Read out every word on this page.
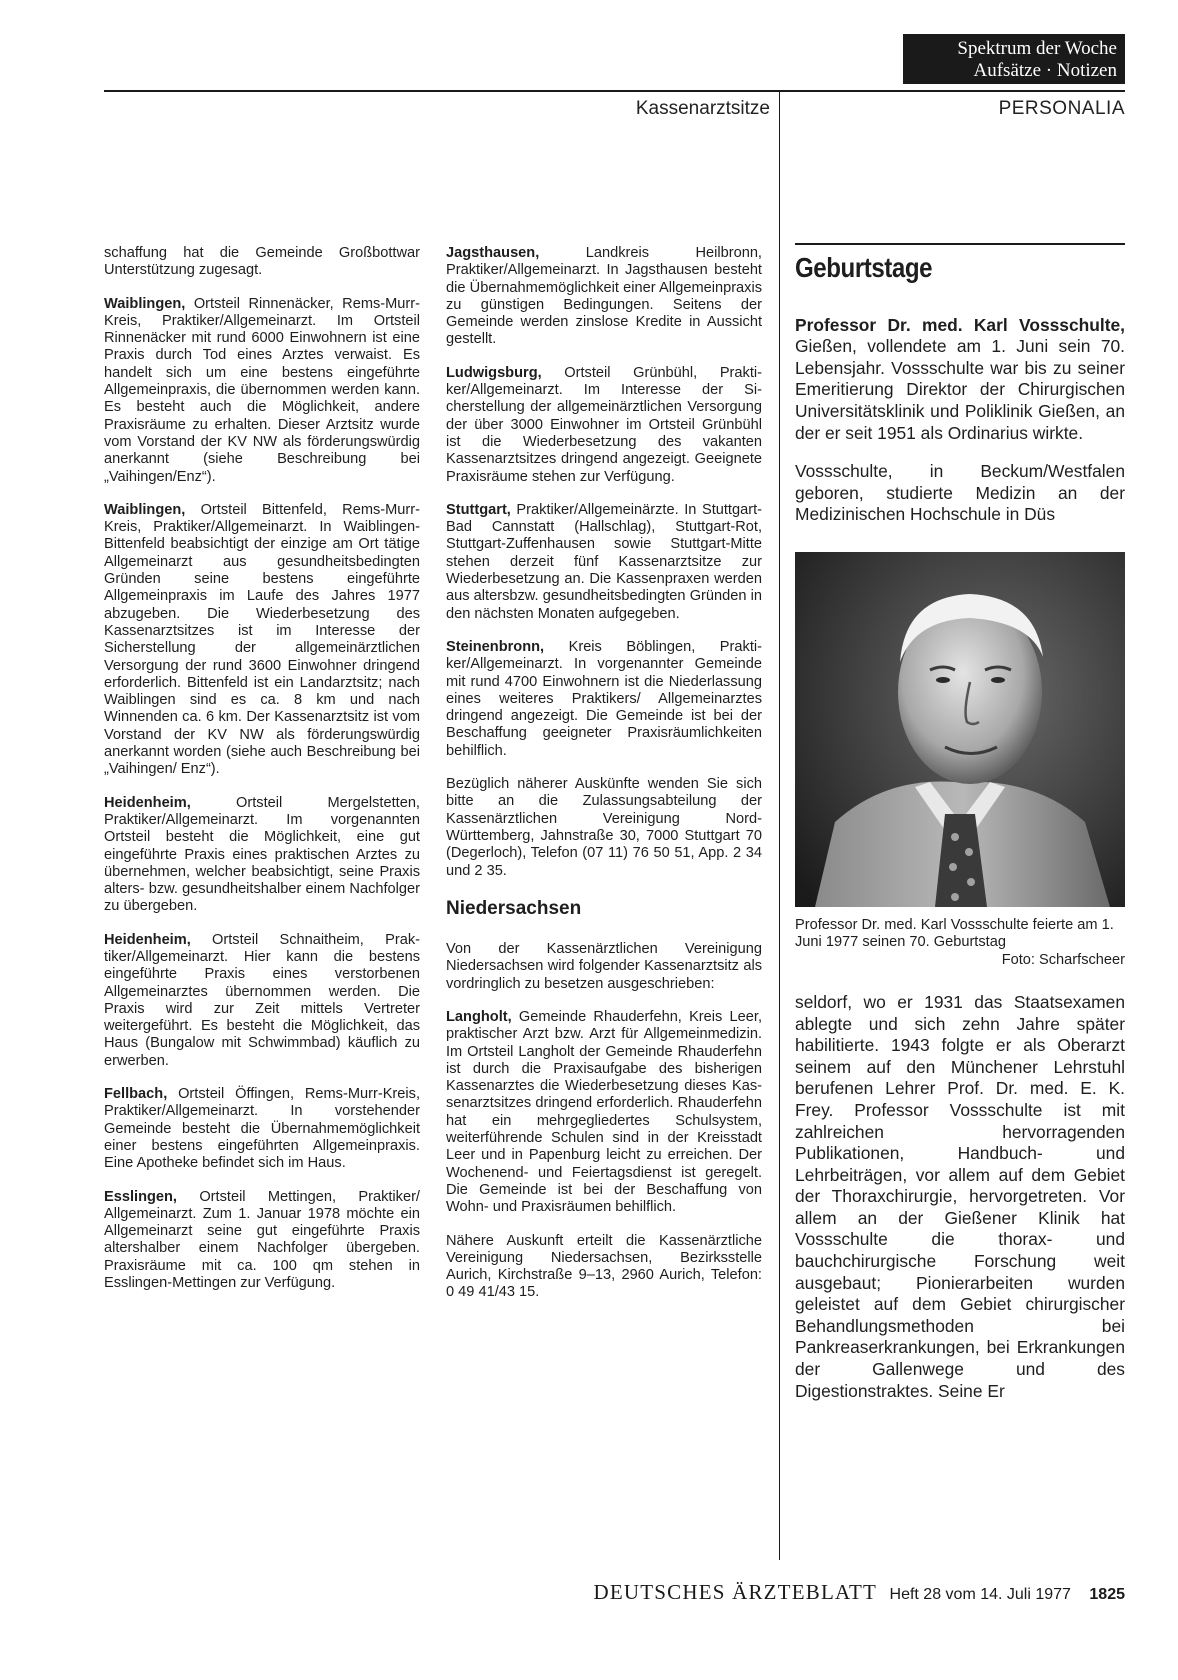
Spektrum der Woche
Aufsätze · Notizen
Kassenarztsitze	PERSONALIA

schaffung hat die Gemeinde Großbottwar Unterstützung zugesagt.

Waiblingen, Ortsteil Rinnenäcker, Rems-Murr-Kreis, Praktiker/Allgemeinarzt. Im Ortsteil Rinnenäcker mit rund 6000 Einwohnern ist eine Praxis durch Tod eines Arztes verwaist. Es handelt sich um eine bestens eingeführte Allgemeinpraxis, die übernommen werden kann. Es besteht auch die Möglichkeit, andere Praxisräume zu erhalten. Dieser Arztsitz wurde vom Vorstand der KV NW als förderungswürdig anerkannt (siehe Beschreibung bei „Vaihingen/Enz“).

Waiblingen, Ortsteil Bittenfeld, Rems-Murr-Kreis, Praktiker/Allgemeinarzt. In Waiblingen-Bittenfeld beabsichtigt der einzige am Ort tätige Allgemeinarzt aus gesundheitsbedingten Gründen seine bestens eingeführte Allgemeinpraxis im Laufe des Jahres 1977 abzugeben. Die Wiederbesetzung des Kassenarztsitzes ist im Interesse der Sicherstellung der allgemeinärztlichen Versorgung der rund 3600 Einwohner dringend erforderlich. Bittenfeld ist ein Landarztsitz; nach Waiblingen sind es ca. 8 km und nach Winnenden ca. 6 km. Der Kassenarztsitz ist vom Vorstand der KV NW als förderungswürdig anerkannt worden (siehe auch Beschreibung bei „Vaihingen/ Enz“).

Heidenheim, Ortsteil Mergelstetten, Praktiker/Allgemeinarzt. Im vorgenannten Ortsteil besteht die Möglichkeit, eine gut eingeführte Praxis eines praktischen Arztes zu übernehmen, welcher beabsichtigt, seine Praxis alters- bzw. gesundheitshalber einem Nachfolger zu übergeben.

Heidenheim, Ortsteil Schnaitheim, Praktiker/Allgemeinarzt. Hier kann die bestens eingeführte Praxis eines verstorbenen Allgemeinarztes übernommen werden. Die Praxis wird zur Zeit mittels Vertreter weitergeführt. Es besteht die Möglichkeit, das Haus (Bungalow mit Schwimmbad) käuflich zu erwerben.

Fellbach, Ortsteil Öffingen, Rems-Murr-Kreis, Praktiker/Allgemeinarzt. In vorstehender Gemeinde besteht die Übernahmemöglichkeit einer bestens eingeführten Allgemeinpraxis. Eine Apotheke befindet sich im Haus.

Esslingen, Ortsteil Mettingen, Praktiker/ Allgemeinarzt. Zum 1. Januar 1978 möchte ein Allgemeinarzt seine gut eingeführte Praxis altershalber einem Nachfolger übergeben. Praxisräume mit ca. 100 qm stehen in Esslingen-Mettingen zur Verfügung.

Jagsthausen, Landkreis Heilbronn, Praktiker/Allgemeinarzt. In Jagsthausen besteht die Übernahmemöglichkeit einer Allgemeinpraxis zu günstigen Bedingungen. Seitens der Gemeinde werden zinslose Kredite in Aussicht gestellt.

Ludwigsburg, Ortsteil Grünbühl, Praktiker/Allgemeinarzt. Im Interesse der Sicherstellung der allgemeinärztlichen Versorgung der über 3000 Einwohner im Ortsteil Grünbühl ist die Wiederbesetzung des vakanten Kassenarztsitzes dringend angezeigt. Geeignete Praxisräume stehen zur Verfügung.

Stuttgart, Praktiker/Allgemeinärzte. In Stuttgart-Bad Cannstatt (Hallschlag), Stuttgart-Rot, Stuttgart-Zuffenhausen sowie Stuttgart-Mitte stehen derzeit fünf Kassenarztsitze zur Wiederbesetzung an. Die Kassenpraxen werden aus altersbzw. gesundheitsbedingten Gründen in den nächsten Monaten aufgegeben.

Steinenbronn, Kreis Böblingen, Praktiker/Allgemeinarzt. In vorgenannter Gemeinde mit rund 4700 Einwohnern ist die Niederlassung eines weiteres Praktikers/ Allgemeinarztes dringend angezeigt. Die Gemeinde ist bei der Beschaffung geeigneter Praxisräumlichkeiten behilflich.

Bezüglich näherer Auskünfte wenden Sie sich bitte an die Zulassungsabteilung der Kassenärztlichen Vereinigung Nord-Württemberg, Jahnstraße 30, 7000 Stuttgart 70 (Degerloch), Telefon (07 11) 76 50 51, App. 2 34 und 2 35.

Niedersachsen

Von der Kassenärztlichen Vereinigung Niedersachsen wird folgender Kassenarztsitz als vordringlich zu besetzen ausgeschrieben:

Langholt, Gemeinde Rhauderfehn, Kreis Leer, praktischer Arzt bzw. Arzt für Allgemeinmedizin. Im Ortsteil Langholt der Gemeinde Rhauderfehn ist durch die Praxisaufgabe des bisherigen Kassenarztes die Wiederbesetzung dieses Kassenarztsitzes dringend erforderlich. Rhauderfehn hat ein mehrgegliedertes Schulsystem, weiterführende Schulen sind in der Kreisstadt Leer und in Papenburg leicht zu erreichen. Der Wochenend- und Feiertagsdienst ist geregelt. Die Gemeinde ist bei der Beschaffung von Wohn- und Praxisräumen behilflich.

Nähere Auskunft erteilt die Kassenärztliche Vereinigung Niedersachsen, Bezirksstelle Aurich, Kirchstraße 9–13, 2960 Aurich, Telefon: 0 49 41/43 15.

Geburtstage

Professor Dr. med. Karl Vossschulte, Gießen, vollendete am 1. Juni sein 70. Lebensjahr. Vossschulte war bis zu seiner Emeritierung Direktor der Chirurgischen Universitätsklinik und Poliklinik Gießen, an der er seit 1951 als Ordinarius wirkte.

Vossschulte, in Beckum/Westfalen geboren, studierte Medizin an der Medizinischen Hochschule in Düs

Professor Dr. med. Karl Vossschulte feierte am 1. Juni 1977 seinen 70. Geburtstag
Foto: Scharfscheer

seldorf, wo er 1931 das Staatsexamen ablegte und sich zehn Jahre später habilitierte. 1943 folgte er als Oberarzt seinem auf den Münchener Lehrstuhl berufenen Lehrer Prof. Dr. med. E. K. Frey. Professor Vossschulte ist mit zahlreichen hervorragenden Publikationen, Handbuch- und Lehrbeiträgen, vor allem auf dem Gebiet der Thoraxchirurgie, hervorgetreten. Vor allem an der Gießener Klinik hat Vossschulte die thorax- und bauchchirurgische Forschung weit ausgebaut; Pionierarbeiten wurden geleistet auf dem Gebiet chirurgischer Behandlungsmethoden bei Pankreaserkrankungen, bei Erkrankungen der Gallenwege und des Digestionstraktes. Seine Er

DEUTSCHES ÄRZTEBLATT Heft 28 vom 14. Juli 1977 1825
